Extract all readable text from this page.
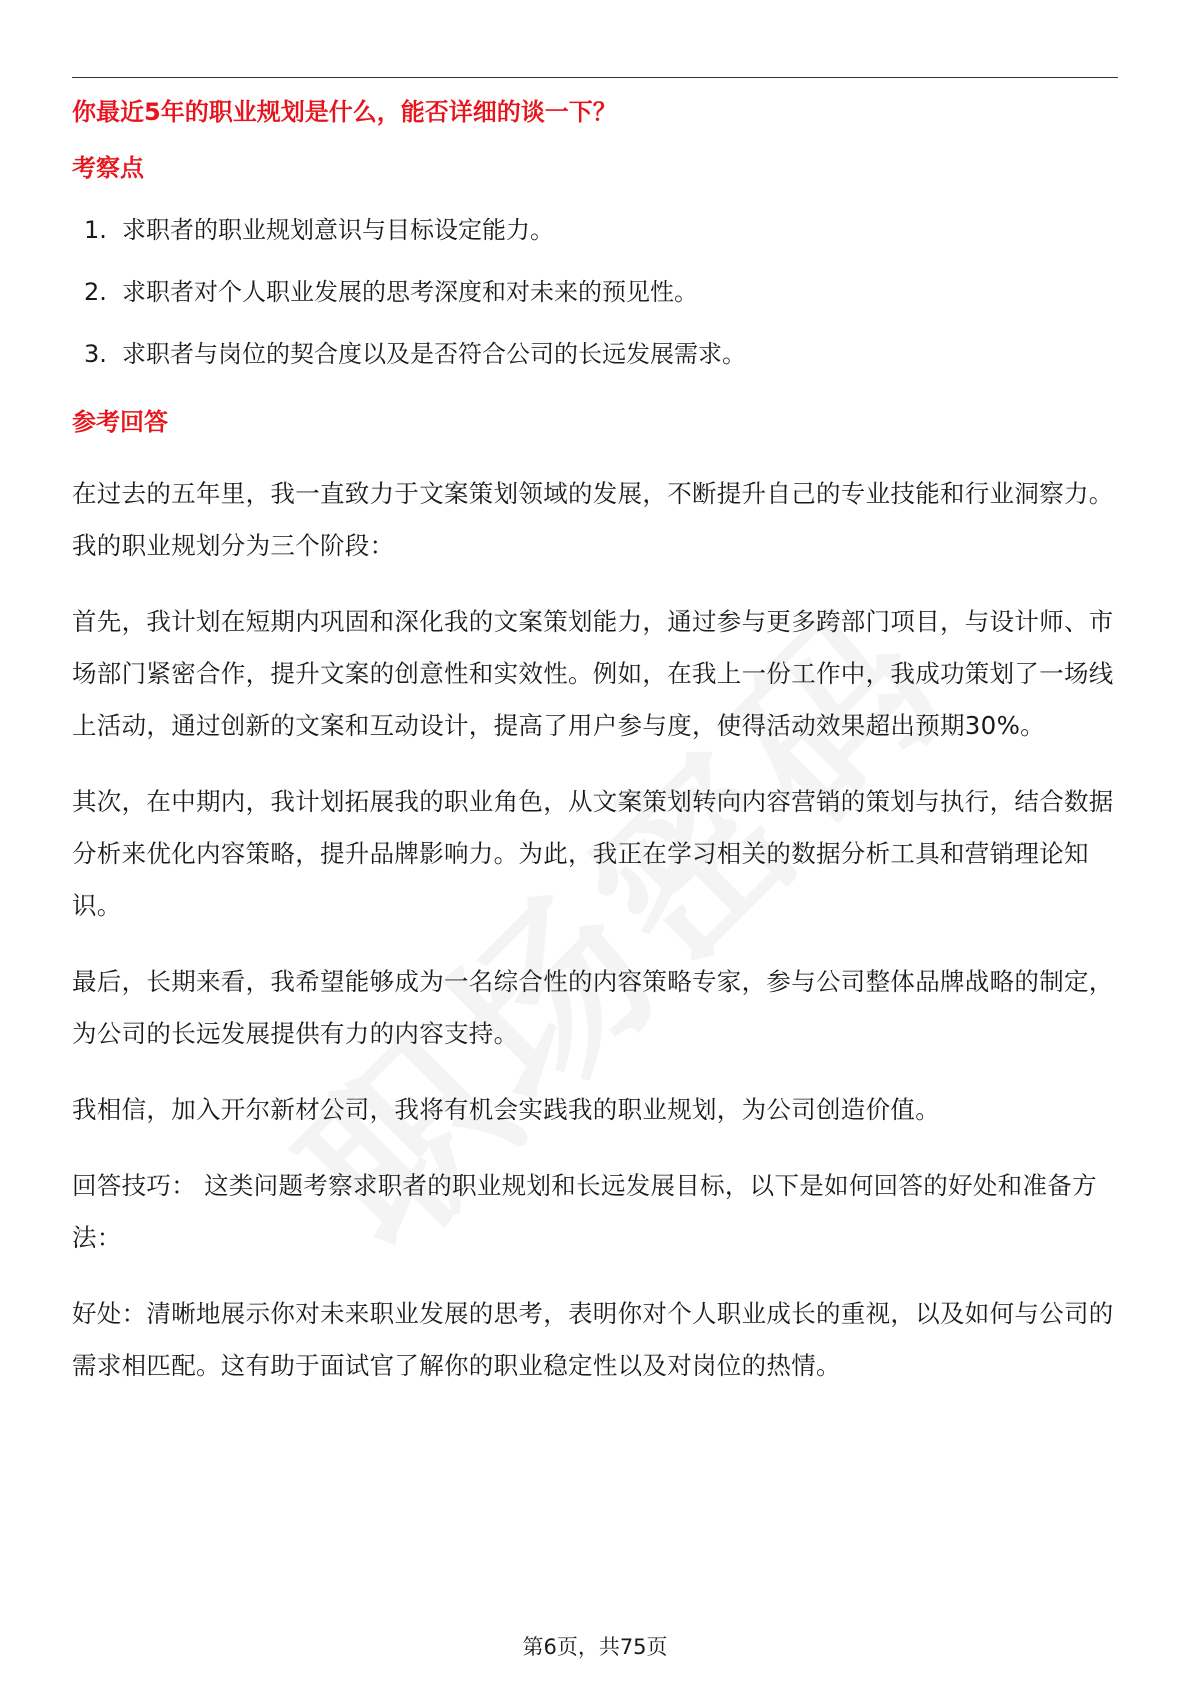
你最近5年的职业规划是什么，能否详细的谈一下？
考察点
1. 求职者的职业规划意识与目标设定能力。
2. 求职者对个人职业发展的思考深度和对未来的预见性。
3. 求职者与岗位的契合度以及是否符合公司的长远发展需求。
参考回答

在过去的五年里，我一直致力于文案策划领域的发展，不断提升自己的专业技能和行业洞察力。我的职业规划分为三个阶段：

首先，我计划在短期内巩固和深化我的文案策划能力，通过参与更多跨部门项目，与设计师、市场部门紧密合作，提升文案的创意性和实效性。例如，在我上一份工作中，我成功策划了一场线上活动，通过创新的文案和互动设计，提高了用户参与度，使得活动效果超出预期30%。

其次，在中期内，我计划拓展我的职业角色，从文案策划转向内容营销的策划与执行，结合数据分析来优化内容策略，提升品牌影响力。为此，我正在学习相关的数据分析工具和营销理论知识。

最后，长期来看，我希望能够成为一名综合性的内容策略专家，参与公司整体品牌战略的制定，为公司的长远发展提供有力的内容支持。

我相信，加入开尔新材公司，我将有机会实践我的职业规划，为公司创造价值。

回答技巧： 这类问题考察求职者的职业规划和长远发展目标，以下是如何回答的好处和准备方法：

好处：清晰地展示你对未来职业发展的思考，表明你对个人职业成长的重视，以及如何与公司的需求相匹配。这有助于面试官了解你的职业稳定性以及对岗位的热情。

第6页，共75页
